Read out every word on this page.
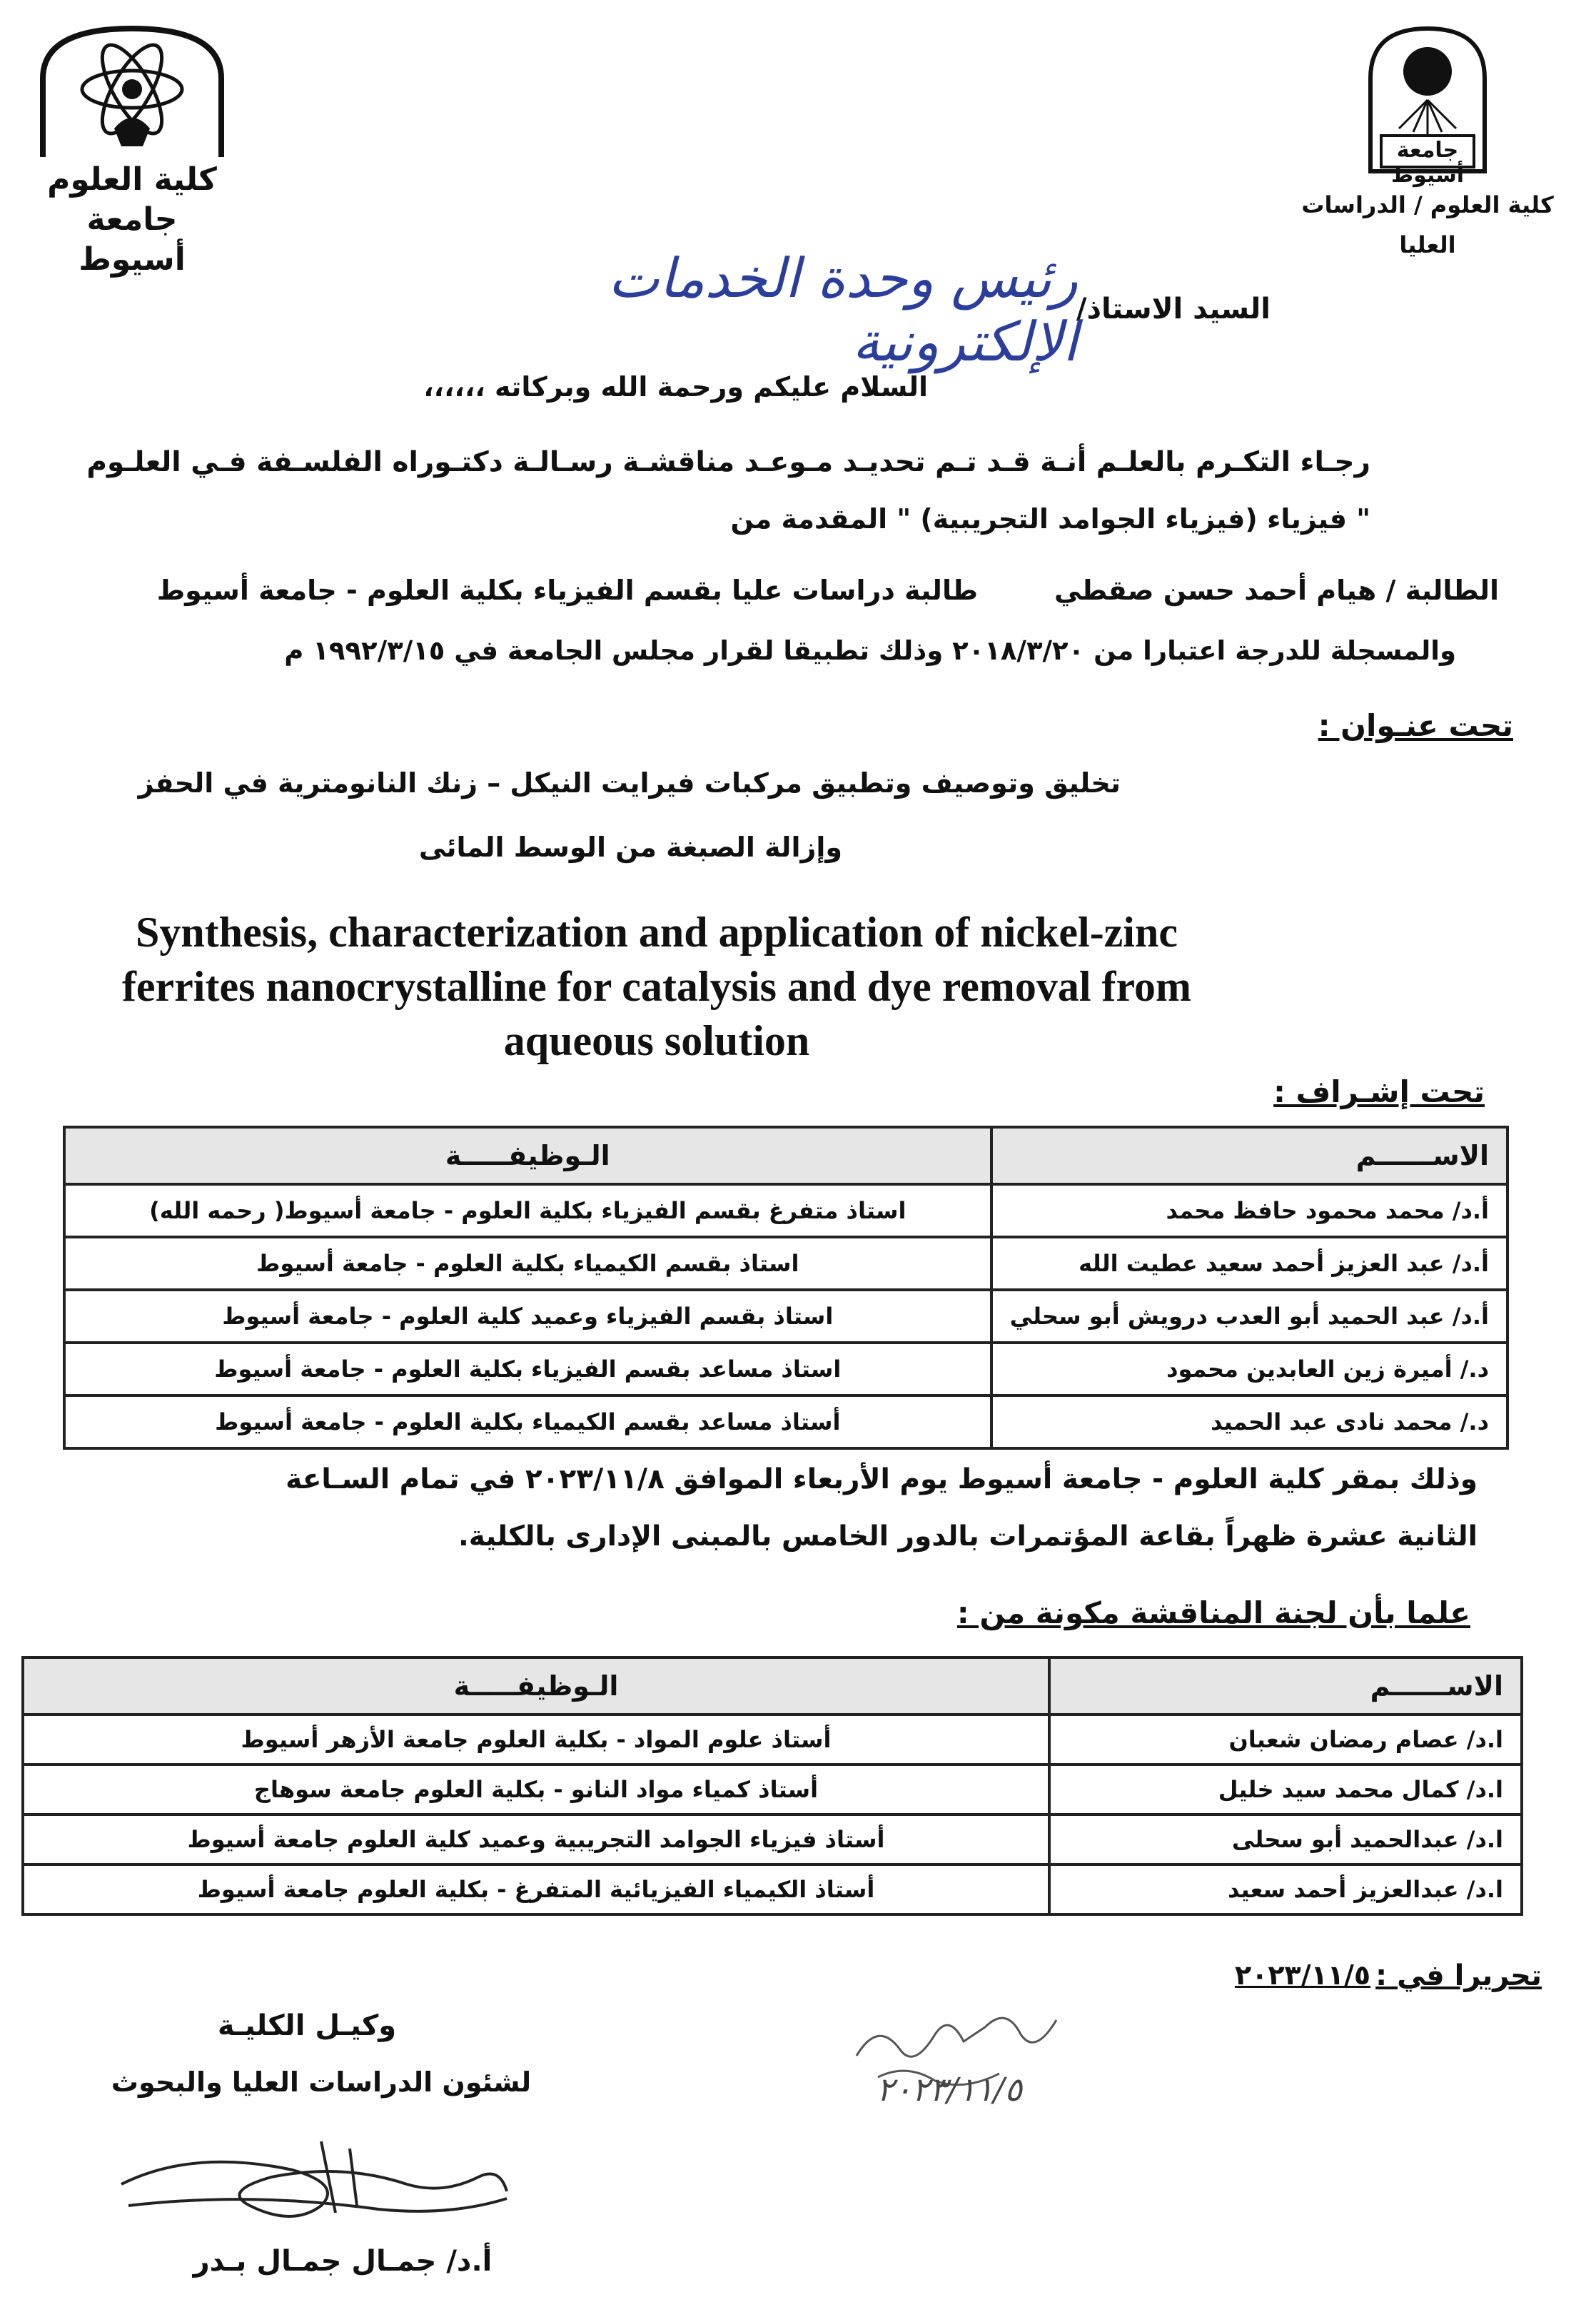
كلية العلوم
جامعة أسيوط
جامعة أسيوط
كلية العلوم / الدراسات
العليا
السيد الاستاذ/
رئيس وحدة الخدمات الإلكترونية
السلام عليكم ورحمة الله وبركاته ،،،،،،
رجـاء التكـرم بالعلـم أنـة قـد تـم تحديـد مـوعـد مناقشـة رسـالـة دكتـوراه الفلسـفة فـي العلـوم
" فيزياء (فيزياء الجوامد التجريبية) " المقدمة من
الطالبة / هيام أحمد حسن صقطي
طالبة دراسات عليا بقسم الفيزياء بكلية العلوم - جامعة أسيوط
والمسجلة للدرجة اعتبارا من ٢٠١٨/٣/٢٠ وذلك تطبيقا لقرار مجلس الجامعة في ١٩٩٢/٣/١٥ م
تحت عنـوان :
تخليق وتوصيف وتطبيق مركبات فيرايت النيكل – زنك النانومترية في الحفز
وإزالة الصبغة من الوسط المائى
Synthesis, characterization and application of nickel-zinc
ferrites nanocrystalline for catalysis and dye removal from
aqueous solution
تحت إشـراف :
الاســــــم	الـوظيفـــــة
أ.د/ محمد محمود حافظ محمد	استاذ متفرغ بقسم الفيزياء بكلية العلوم - جامعة أسيوط( رحمه الله)
أ.د/ عبد العزيز أحمد سعيد عطيت الله	استاذ بقسم الكيمياء بكلية العلوم - جامعة أسيوط
أ.د/ عبد الحميد أبو العدب درويش أبو سحلي	استاذ بقسم الفيزياء وعميد كلية العلوم - جامعة أسيوط
د./ أميرة زين العابدين محمود	استاذ مساعد بقسم الفيزياء بكلية العلوم - جامعة أسيوط
د./ محمد نادى عبد الحميد	أستاذ مساعد بقسم الكيمياء بكلية العلوم - جامعة أسيوط
وذلك بمقر كلية العلوم - جامعة أسيوط يوم الأربعاء الموافق ٢٠٢٣/١١/٨ في تمام السـاعة
الثانية عشرة ظهراً بقاعة المؤتمرات بالدور الخامس بالمبنى الإدارى بالكلية.
علما بأن لجنة المناقشة مكونة من :
الاســــــم	الـوظيفـــــة
ا.د/ عصام رمضان شعبان	أستاذ علوم المواد - بكلية العلوم جامعة الأزهر أسيوط
ا.د/ كمال محمد سيد خليل	أستاذ كمياء مواد النانو - بكلية العلوم جامعة سوهاج
ا.د/ عبدالحميد أبو سحلى	أستاذ فيزياء الجوامد التجريبية وعميد كلية العلوم جامعة أسيوط
ا.د/ عبدالعزيز أحمد سعيد	أستاذ الكيمياء الفيزيائية المتفرغ - بكلية العلوم جامعة أسيوط
تحريرا في :
٢٠٢٣/١١/٥
وكيـل الكليـة
لشئون الدراسات العليا والبحوث	٢٠٢٣/١١/٥
أ.د/ جمـال جمـال بـدر
